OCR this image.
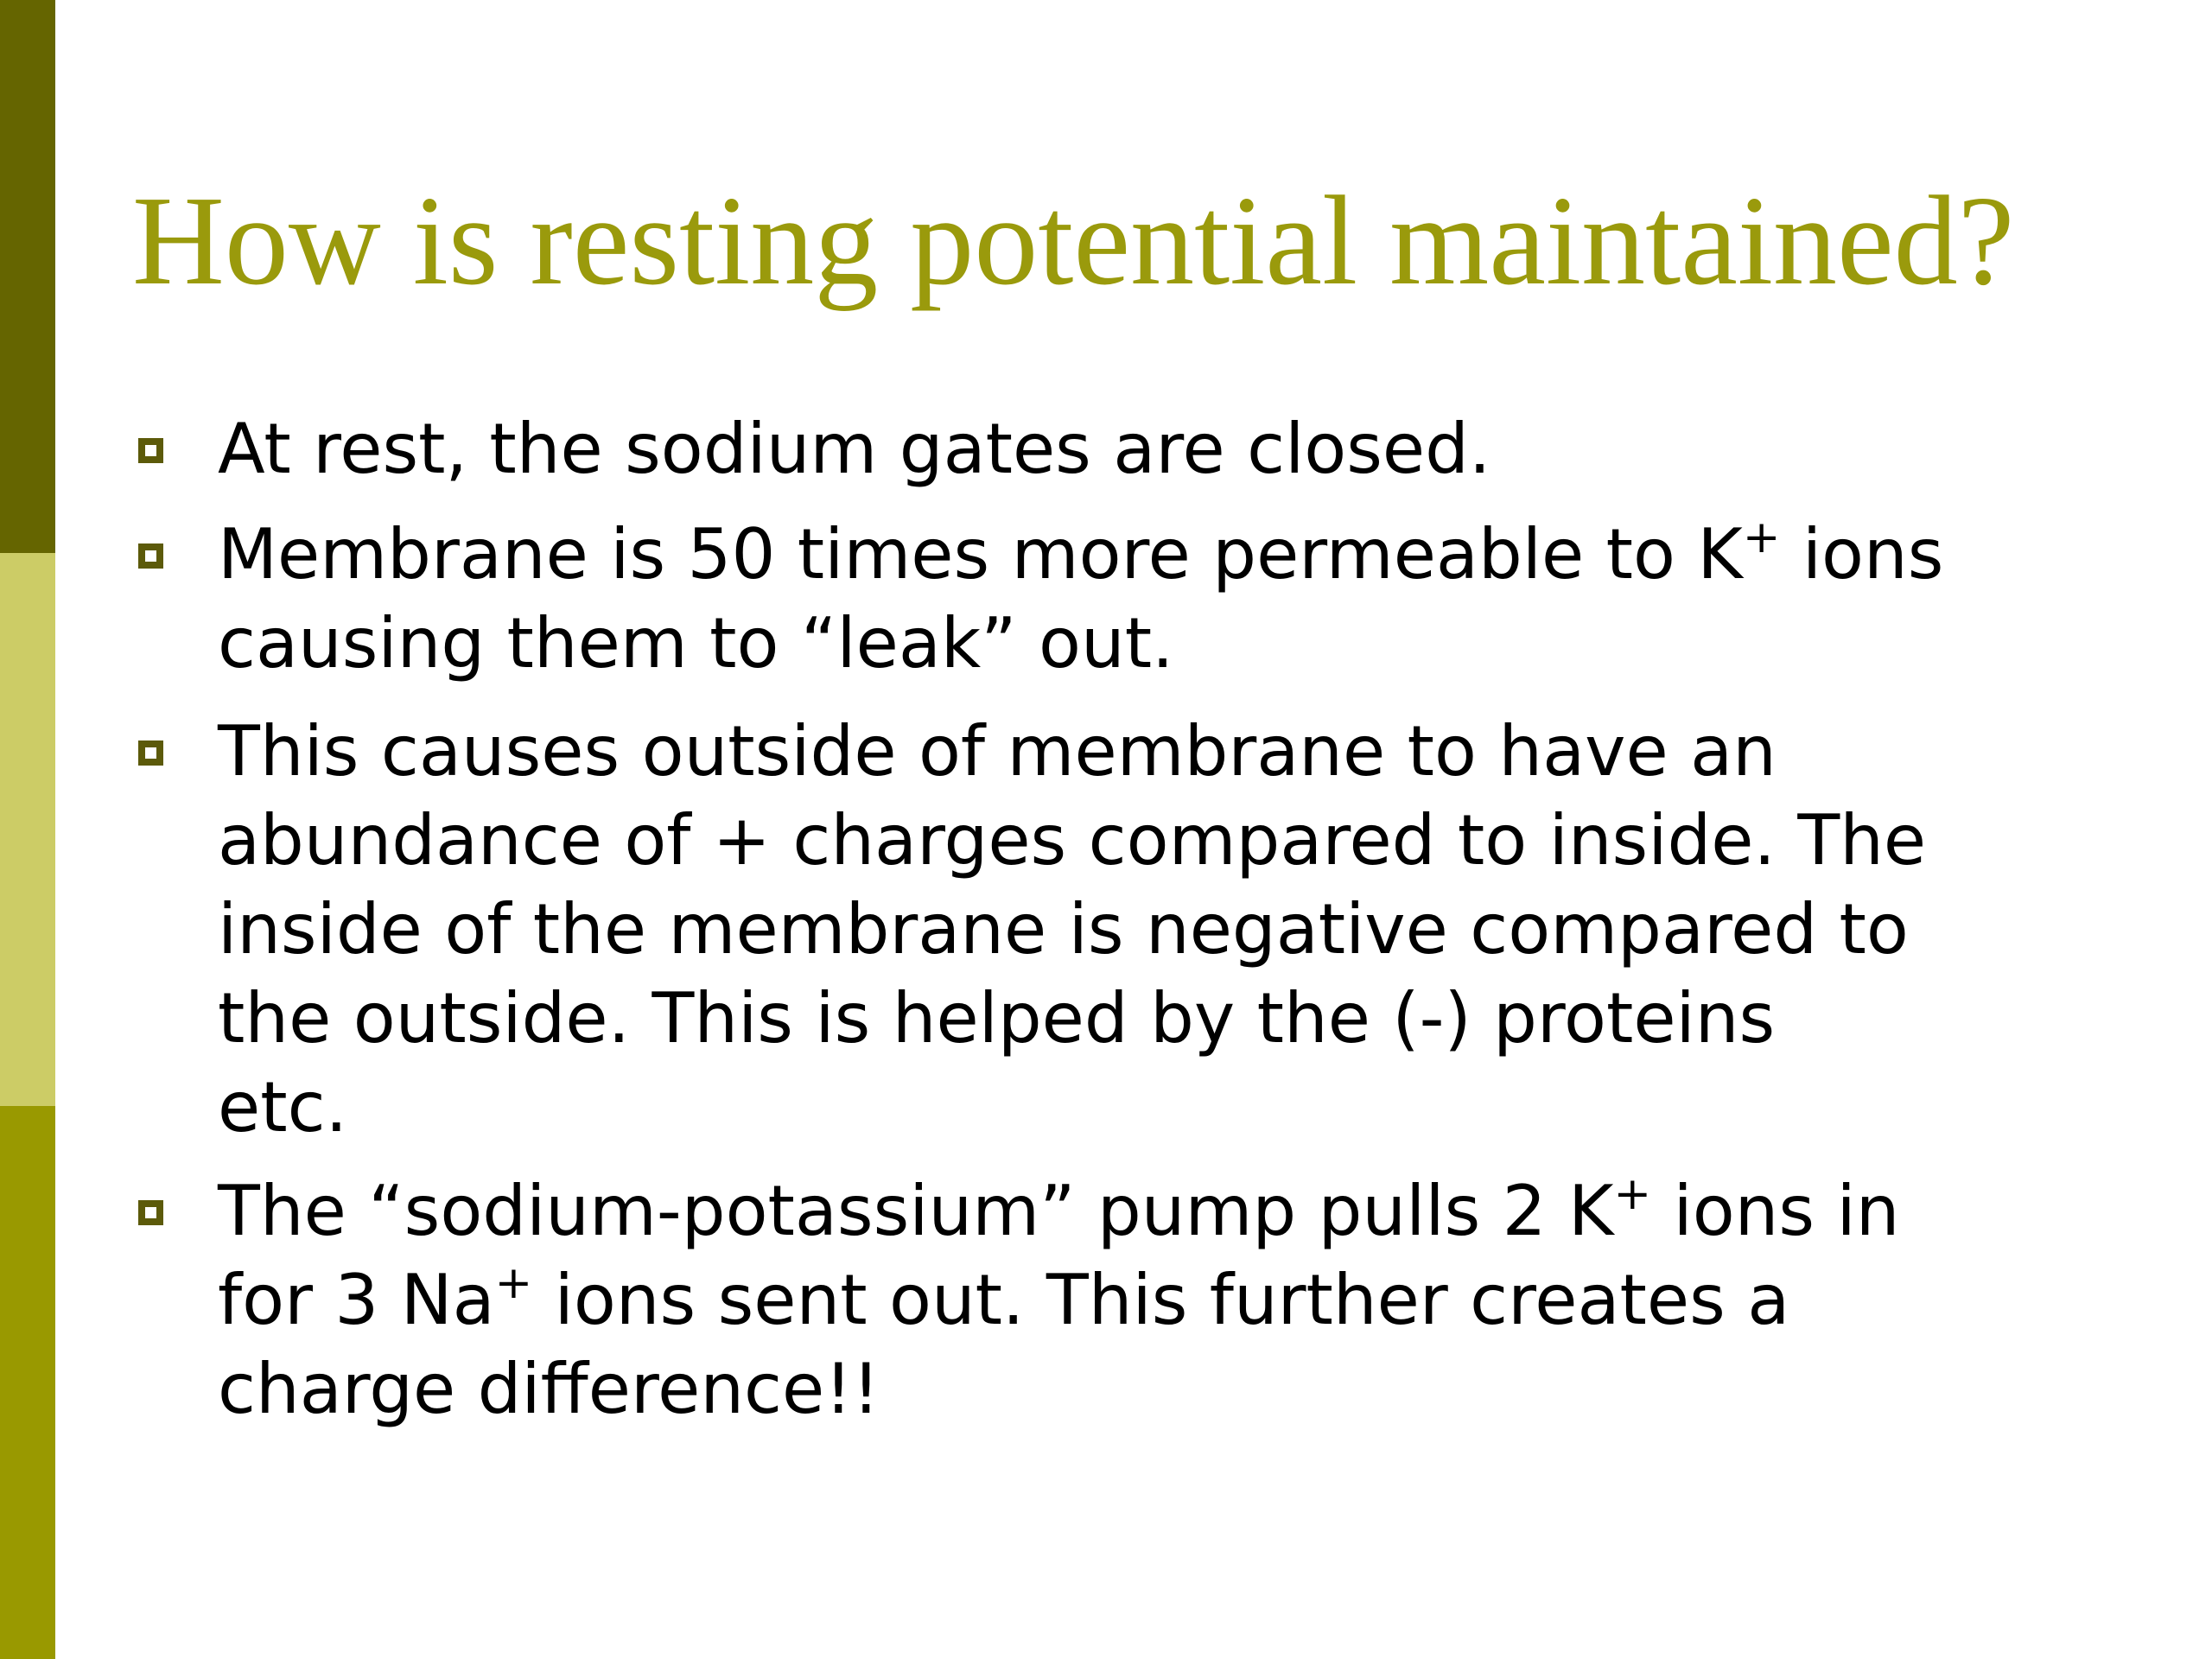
How is resting potential maintained?
At rest, the sodium gates are closed.
Membrane is 50 times more permeable to K+ ions
causing them to “leak” out.
This causes outside of membrane to have an
abundance of + charges compared to inside. The
inside of the membrane is negative compared to
the outside. This is helped by the (-) proteins
etc.
The “sodium-potassium” pump pulls 2 K+ ions in
for 3 Na+ ions sent out. This further creates a
charge difference!!
